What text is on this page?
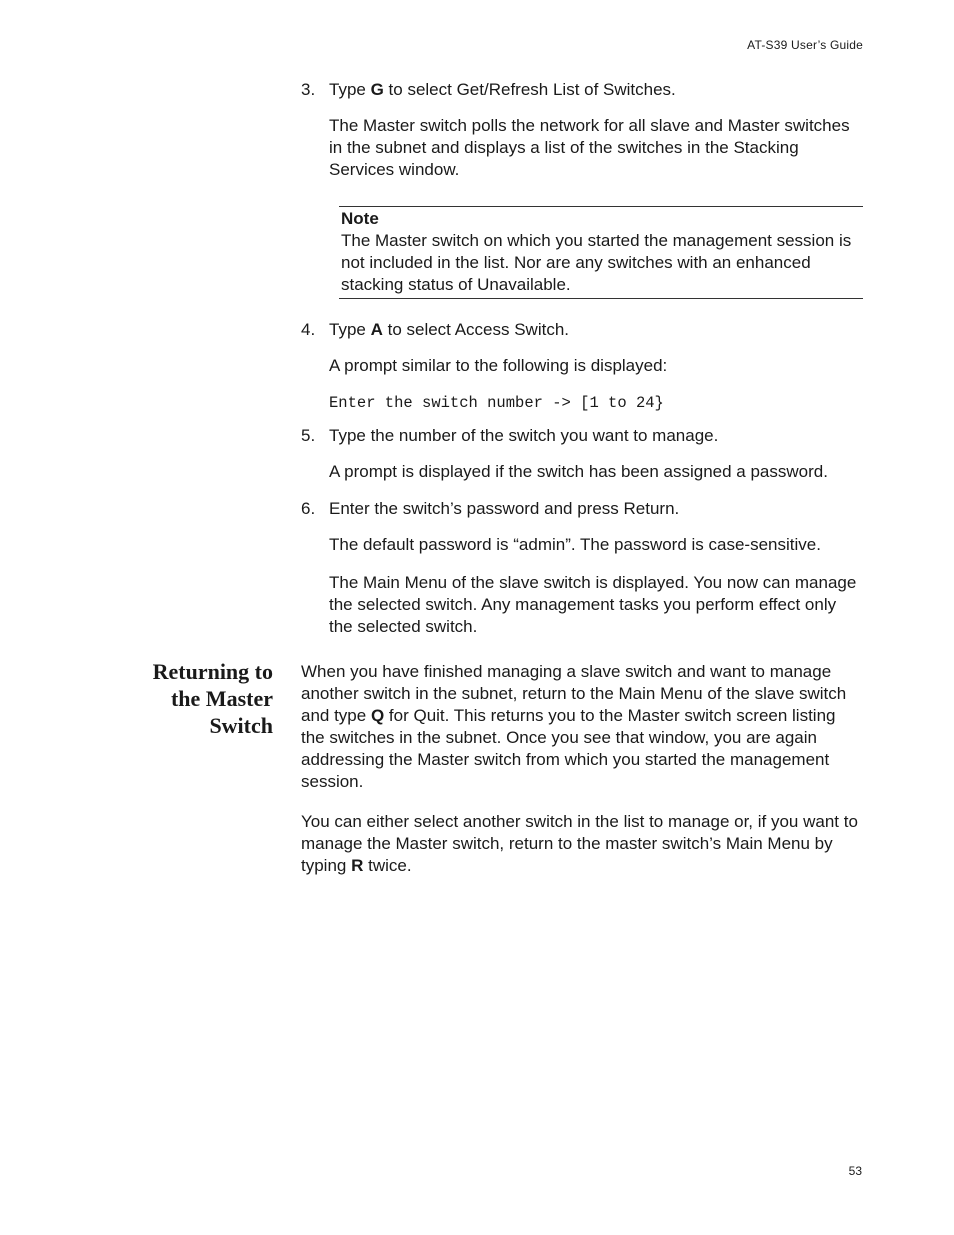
AT-S39 User’s Guide
3. Type G to select Get/Refresh List of Switches.
The Master switch polls the network for all slave and Master switches in the subnet and displays a list of the switches in the Stacking Services window.
Note
The Master switch on which you started the management session is not included in the list. Nor are any switches with an enhanced stacking status of Unavailable.
4. Type A to select Access Switch.
A prompt similar to the following is displayed:
Enter the switch number -> [1 to 24}
5. Type the number of the switch you want to manage.
A prompt is displayed if the switch has been assigned a password.
6. Enter the switch’s password and press Return.
The default password is “admin”. The password is case-sensitive.
The Main Menu of the slave switch is displayed. You now can manage the selected switch. Any management tasks you perform effect only the selected switch.
Returning to
the Master
Switch
When you have finished managing a slave switch and want to manage another switch in the subnet, return to the Main Menu of the slave switch and type Q for Quit. This returns you to the Master switch screen listing the switches in the subnet. Once you see that window, you are again addressing the Master switch from which you started the management session.
You can either select another switch in the list to manage or, if you want to manage the Master switch, return to the master switch’s Main Menu by typing R twice.
53
